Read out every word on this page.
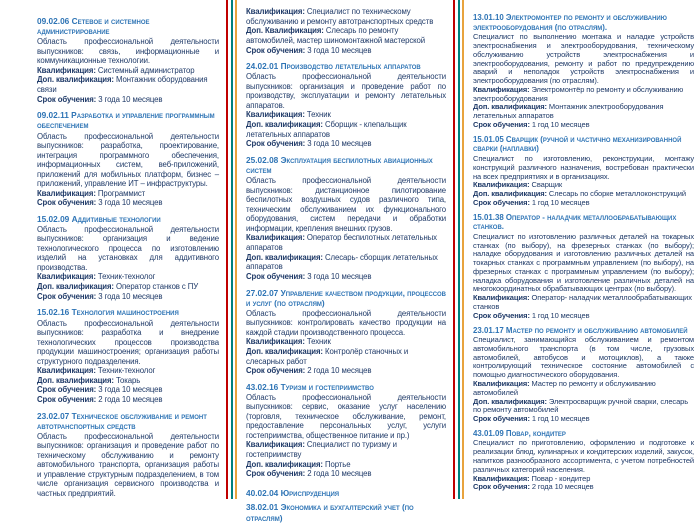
09.02.06 Сетевое и системное администрирование
Область профессиональной деятельности выпускников: связь, информационные и коммуникационные технологии.
Квалификация: Системный администратор
Доп. квалификация: Монтажник оборудования связи
Срок обучения: 3 года 10 месяцев
09.02.11 Разработка и управление программным обеспечением
Область профессиональной деятельности выпускников: разработка, проектирование, интеграция программного обеспечения, информационных систем, веб-приложений, приложений для мобильных платформ, бизнес – приложений, управление ИТ – инфраструктуры.
Квалификация: Программист
Срок обучения: 3 года 10 месяцев
15.02.09 Аддитивные технологии
Область профессиональной деятельности выпускников: организация и ведение технологического процесса по изготовлению изделий на установках для аддитивного производства.
Квалификация: Техник-технолог
Доп. квалификация: Оператор станков с ПУ
Срок обучения: 3 года 10 месяцев
15.02.16 Технология машиностроения
Область профессиональной деятельности выпускников: разработка и внедрение технологических процессов производства продукции машиностроения; организация работы структурного подразделения.
Квалификация: Техник-технолог
Доп. квалификация: Токарь
Срок обучения: 3 года 10 месяцев
Срок обучения: 2 года 10 месяцев
23.02.07 Техническое обслуживание и ремонт автотранспортных средств
Область профессиональной деятельности выпускников: организация и проведение работ по техническому обслуживанию и ремонту автомобильного транспорта, организация работы и управление структурным подразделением, в том числе организация сервисного производства и частных предприятий.
Квалификация: Специалист по техническому обслуживанию и ремонту автотранспортных средств
Доп. Квалификация: Слесарь по ремонту автомобилей, мастер шиномонтажной мастерской
Срок обучения: 3 года 10 месяцев
24.02.01 Производство летательных аппаратов
Область профессиональной деятельности выпускников: организация и проведение работ по производству, эксплуатации и ремонту летательных аппаратов.
Квалификация: Техник
Доп. квалификация: Сборщик - клепальщик летательных аппаратов
Срок обучения: 3 года 10 месяцев
25.02.08 Эксплуатация беспилотных авиационных систем
Область профессиональной деятельности выпускников: дистанционное пилотирование беспилотных воздушных судов различного типа, техническим обслуживанием их функционального оборудования, систем передачи и обработки информации, крепления внешних грузов.
Квалификация: Оператор беспилотных летательных аппаратов
Доп. квалификация: Слесарь- сборщик летательных аппаратов
Срок обучения: 3 года 10 месяцев
27.02.07 Управление качеством продукции, процессов и услуг (по отраслям)
Область профессиональной деятельности выпускников: контролировать качество продукции на каждой стадии производственного процесса.
Квалификация: Техник
Доп. квалификация: Контролёр станочных и слесарных работ
Срок обучения: 2 года 10 месяцев
43.02.16 Туризм и гостеприимство
Область профессиональной деятельности выпускников: сервис, оказание услуг населению (торговля, техническое обслуживание, ремонт, предоставление персональных услуг, услуги гостеприимства, общественное питание и пр.)
Квалификация: Специалист по туризму и гостеприимству
Доп. квалификация: Портье
Срок обучения: 2 года 10 месяцев
40.02.04 Юриспруденция
38.02.01 Экономика и бухгалтерский учет (по отраслям)
13.01.10 Электромонтер по ремонту и обслуживанию электрооборудования (по отраслям).
Специалист по выполнению монтажа и наладке устройств электроснабжения и электрооборудования, техническому обслуживанию устройств электроснабжения и электрооборудования, ремонту и работ по предупреждению аварий и неполадок устройств электроснабжения и электрооборудования (по отраслям).
Квалификация: Электромонтёр по ремонту и обслуживанию электрооборудования
Доп. квалификация: Монтажник электрооборудования летательных аппаратов
Срок обучения: 1 год 10 месяцев
15.01.05 Сварщик (ручной и частично механизированной сварки (наплавки)
Специалист по изготовлению, реконструкции, монтажу конструкций различного назначения, востребован практически на всех предприятиях и в организациях.
Квалификация: Сварщик
Доп. квалификация: Слесарь по сборке металлоконструкций
Срок обучения: 1 год 10 месяцев
15.01.38 Оператор - наладчик металлообрабатывающих станков.
Специалист по изготовлению различных деталей на токарных станках (по выбору), на фрезерных станках (по выбору); наладке оборудования и изготовлению различных деталей на токарных станках с программным управлением (по выбору), на фрезерных станках с программным управлением (по выбору); наладка оборудования и изготовление различных деталей на многокоординатных обрабатывающих центрах (по выбору).
Квалификация: Оператор- наладчик металлообрабатывающих станков
Срок обучения: 1 год 10 месяцев
23.01.17 Мастер по ремонту и обслуживанию автомобилей
Специалист, занимающийся обслуживанием и ремонтом автомобильного транспорта (в том числе, грузовых автомобилей, автобусов и мотоциклов), а также контролирующий техническое состояние автомобилей с помощью диагностического оборудования.
Квалификация: Мастер по ремонту и обслуживанию автомобилей
Доп. квалификация: Электросварщик ручной сварки, слесарь по ремонту автомобилей
Срок обучения: 1 год 10 месяцев
43.01.09 Повар, кондитер
Специалист по приготовлению, оформлению и подготовке к реализации блюд, кулинарных и кондитерских изделий, закусок, напитков разнообразного ассортимента, с учетом потребностей различных категорий населения.
Квалификация: Повар - кондитер
Срок обучения: 2 года 10 месяцев
